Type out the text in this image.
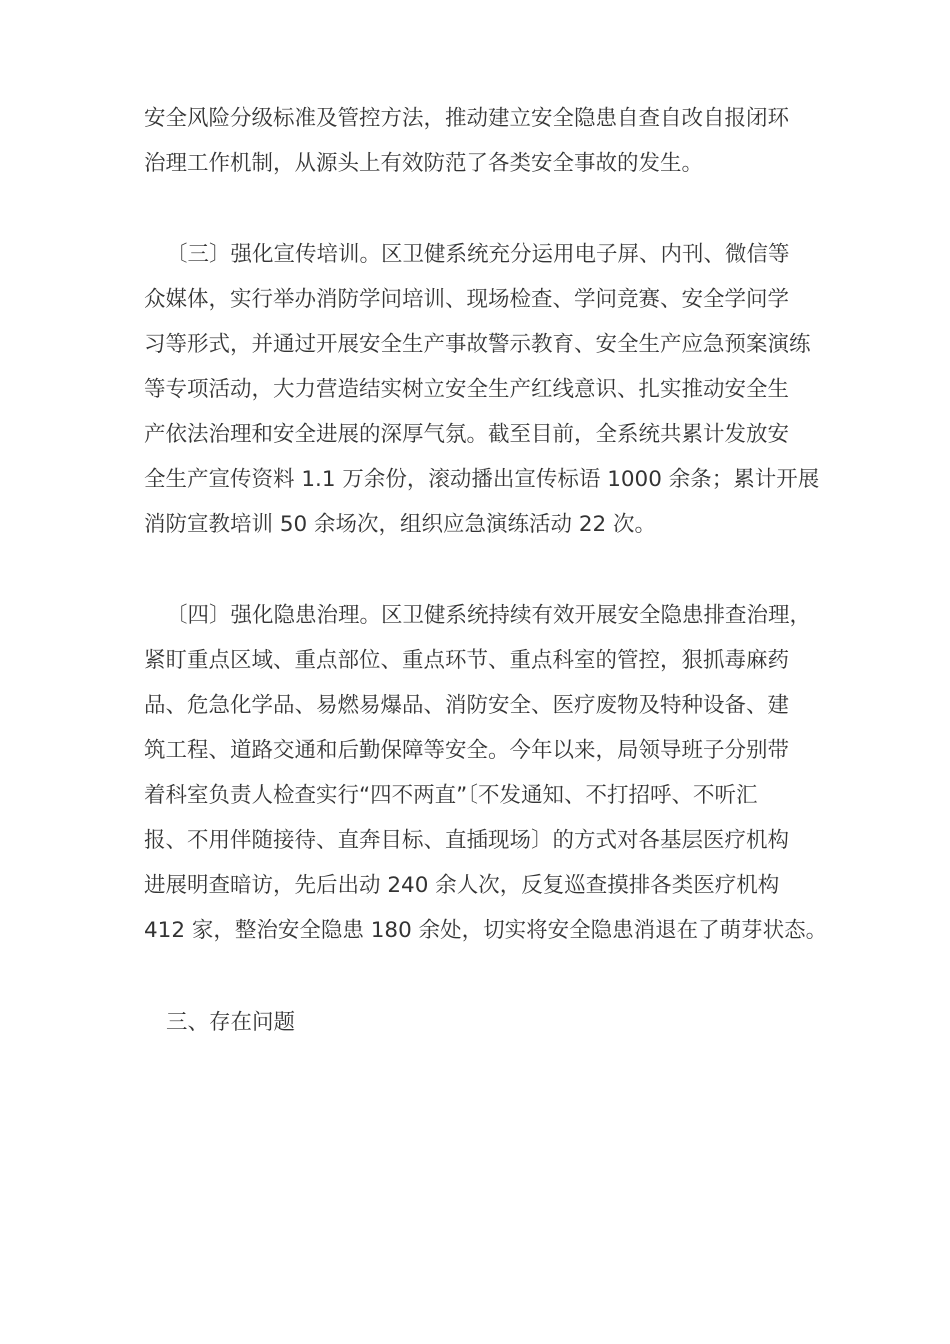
安全风险分级标准及管控方法，推动建立安全隐患自查自改自报闭环
治理工作机制，从源头上有效防范了各类安全事故的发生。
〔三〕强化宣传培训。区卫健系统充分运用电子屏、内刊、微信等
众媒体，实行举办消防学问培训、现场检查、学问竞赛、安全学问学
习等形式，并通过开展安全生产事故警示教育、安全生产应急预案演练
等专项活动，大力营造结实树立安全生产红线意识、扎实推动安全生
产依法治理和安全进展的深厚气氛。截至目前，全系统共累计发放安
全生产宣传资料 1.1 万余份，滚动播出宣传标语 1000 余条；累计开展
消防宣教培训 50 余场次，组织应急演练活动 22 次。
〔四〕强化隐患治理。区卫健系统持续有效开展安全隐患排查治理，
紧盯重点区域、重点部位、重点环节、重点科室的管控，狠抓毒麻药
品、危急化学品、易燃易爆品、消防安全、医疗废物及特种设备、建
筑工程、道路交通和后勤保障等安全。今年以来，局领导班子分别带
着科室负责人检查实行“四不两直”〔不发通知、不打招呼、不听汇
报、不用伴随接待、直奔目标、直插现场〕的方式对各基层医疗机构
进展明查暗访，先后出动 240 余人次，反复巡查摸排各类医疗机构
412 家，整治安全隐患 180 余处，切实将安全隐患消退在了萌芽状态。
三、存在问题
